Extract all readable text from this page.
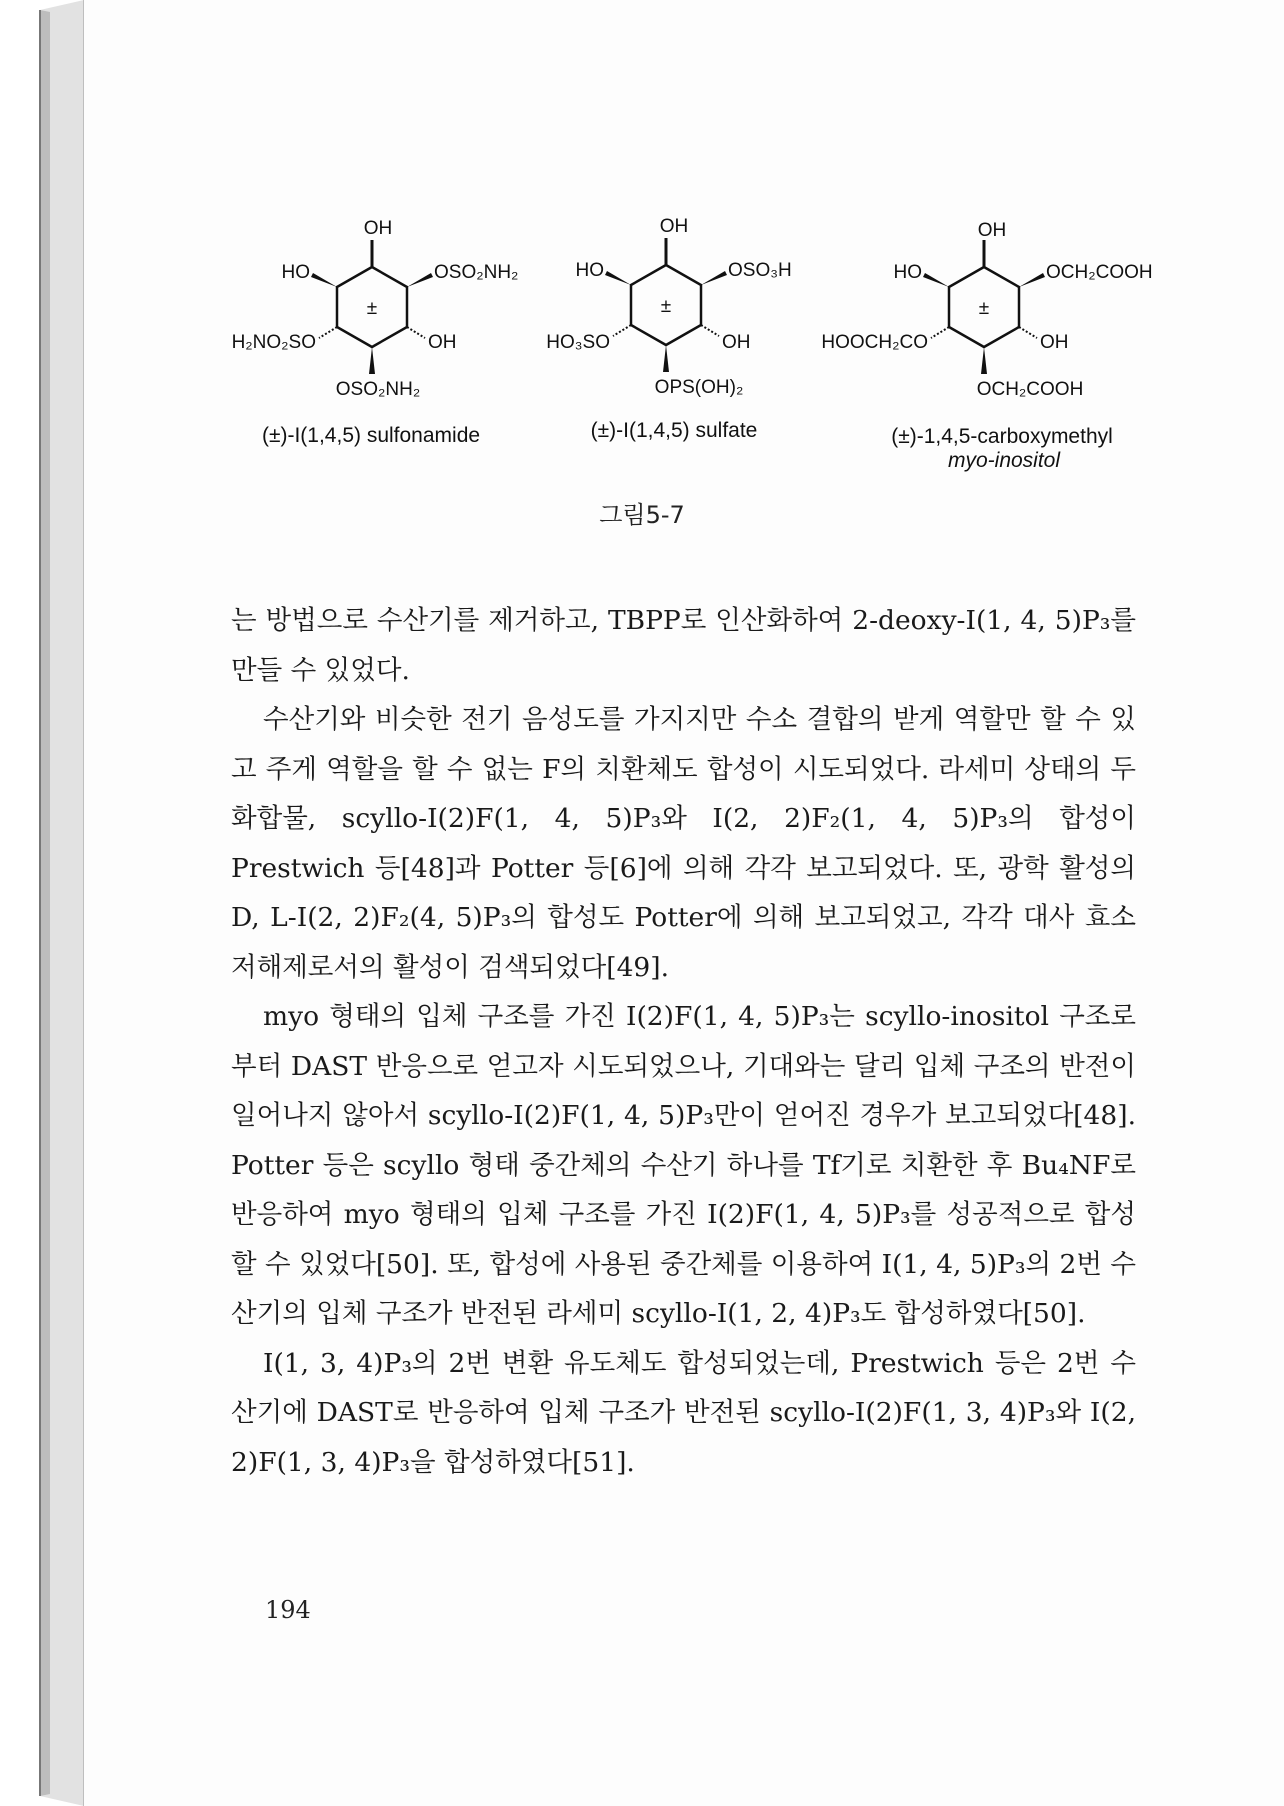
±
OH
HO	OSO₂NH₂
H₂NO₂SO	OH
OSO₂NH₂
(±)-I(1,4,5) sulfonamide
±
OH
HO	OSO₃H
HO₃SO	OH
OPS(OH)₂
(±)-I(1,4,5) sulfate
±
OH
HO	OCH₂COOH
HOOCH₂CO	OH
OCH₂COOH
(±)-1,4,5-carboxymethyl
myo-inositol
그림5-7

는 방법으로 수산기를 제거하고, TBPP로 인산화하여 2-deoxy-I(1, 4, 5)P₃를 만들 수 있었다.

수산기와 비슷한 전기 음성도를 가지지만 수소 결합의 받게 역할만 할 수 있고 주게 역할을 할 수 없는 F의 치환체도 합성이 시도되었다. 라세미 상태의 두 화합물, scyllo-I(2)F(1, 4, 5)P₃와 I(2, 2)F₂(1, 4, 5)P₃의 합성이 Prestwich 등[48]과 Potter 등[6]에 의해 각각 보고되었다. 또, 광학 활성의 D, L-I(2, 2)F₂(4, 5)P₃의 합성도 Potter에 의해 보고되었고, 각각 대사 효소 저해제로서의 활성이 검색되었다[49].

myo 형태의 입체 구조를 가진 I(2)F(1, 4, 5)P₃는 scyllo-inositol 구조로부터 DAST 반응으로 얻고자 시도되었으나, 기대와는 달리 입체 구조의 반전이 일어나지 않아서 scyllo-I(2)F(1, 4, 5)P₃만이 얻어진 경우가 보고되었다[48]. Potter 등은 scyllo 형태 중간체의 수산기 하나를 Tf기로 치환한 후 Bu₄NF로 반응하여 myo 형태의 입체 구조를 가진 I(2)F(1, 4, 5)P₃를 성공적으로 합성할 수 있었다[50]. 또, 합성에 사용된 중간체를 이용하여 I(1, 4, 5)P₃의 2번 수산기의 입체 구조가 반전된 라세미 scyllo-I(1, 2, 4)P₃도 합성하였다[50].

I(1, 3, 4)P₃의 2번 변환 유도체도 합성되었는데, Prestwich 등은 2번 수산기에 DAST로 반응하여 입체 구조가 반전된 scyllo-I(2)F(1, 3, 4)P₃와 I(2, 2)F(1, 3, 4)P₃을 합성하였다[51].

194
